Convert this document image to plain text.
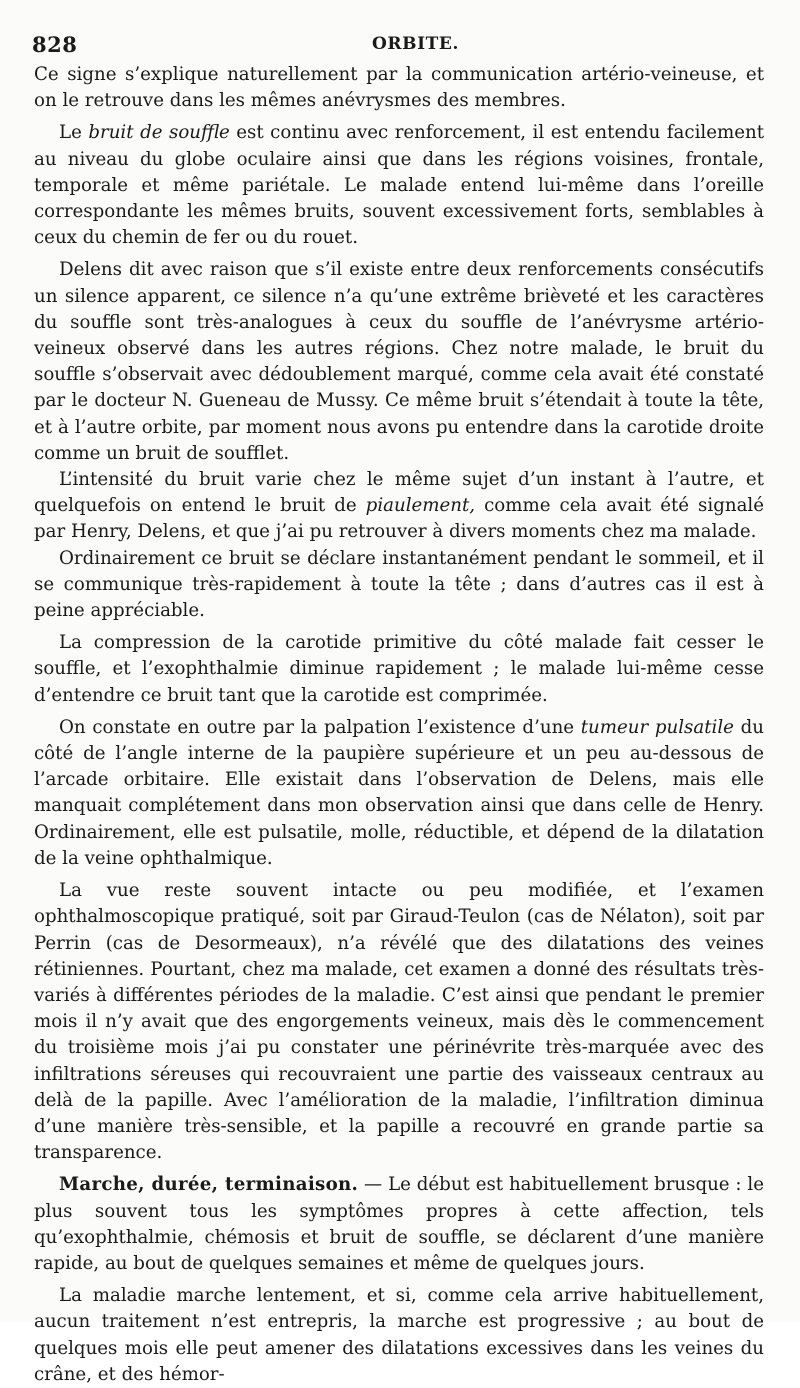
828	ORBITE.

Ce signe s’explique naturellement par la communication artério-veineuse, et on le retrouve dans les mêmes anévrysmes des membres.

Le bruit de souffle est continu avec renforcement, il est entendu facilement au niveau du globe oculaire ainsi que dans les régions voisines, frontale, temporale et même pariétale. Le malade entend lui-même dans l’oreille correspondante les mêmes bruits, souvent excessivement forts, semblables à ceux du chemin de fer ou du rouet.

Delens dit avec raison que s’il existe entre deux renforcements consécutifs un silence apparent, ce silence n’a qu’une extrême brièveté et les caractères du souffle sont très-analogues à ceux du souffle de l’anévrysme artério-veineux observé dans les autres régions. Chez notre malade, le bruit du souffle s’observait avec dédoublement marqué, comme cela avait été constaté par le docteur N. Gueneau de Mussy. Ce même bruit s’étendait à toute la tête, et à l’autre orbite, par moment nous avons pu entendre dans la carotide droite comme un bruit de soufflet.

L’intensité du bruit varie chez le même sujet d’un instant à l’autre, et quelquefois on entend le bruit de piaulement, comme cela avait été signalé par Henry, Delens, et que j’ai pu retrouver à divers moments chez ma malade.

Ordinairement ce bruit se déclare instantanément pendant le sommeil, et il se communique très-rapidement à toute la tête ; dans d’autres cas il est à peine appréciable.

La compression de la carotide primitive du côté malade fait cesser le souffle, et l’exophthalmie diminue rapidement ; le malade lui-même cesse d’entendre ce bruit tant que la carotide est comprimée.

On constate en outre par la palpation l’existence d’une tumeur pulsatile du côté de l’angle interne de la paupière supérieure et un peu au-dessous de l’arcade orbitaire. Elle existait dans l’observation de Delens, mais elle manquait complétement dans mon observation ainsi que dans celle de Henry. Ordinairement, elle est pulsatile, molle, réductible, et dépend de la dilatation de la veine ophthalmique.

La vue reste souvent intacte ou peu modifiée, et l’examen ophthalmoscopique pratiqué, soit par Giraud-Teulon (cas de Nélaton), soit par Perrin (cas de Desormeaux), n’a révélé que des dilatations des veines rétiniennes. Pourtant, chez ma malade, cet examen a donné des résultats très-variés à différentes périodes de la maladie. C’est ainsi que pendant le premier mois il n’y avait que des engorgements veineux, mais dès le commencement du troisième mois j’ai pu constater une périnévrite très-marquée avec des infiltrations séreuses qui recouvraient une partie des vaisseaux centraux au delà de la papille. Avec l’amélioration de la maladie, l’infiltration diminua d’une manière très-sensible, et la papille a recouvré en grande partie sa transparence.

Marche, durée, terminaison. — Le début est habituellement brusque : le plus souvent tous les symptômes propres à cette affection, tels qu’exophthalmie, chémosis et bruit de souffle, se déclarent d’une manière rapide, au bout de quelques semaines et même de quelques jours.

La maladie marche lentement, et si, comme cela arrive habituellement, aucun traitement n’est entrepris, la marche est progressive ; au bout de quelques mois elle peut amener des dilatations excessives dans les veines du crâne, et des hémor-
